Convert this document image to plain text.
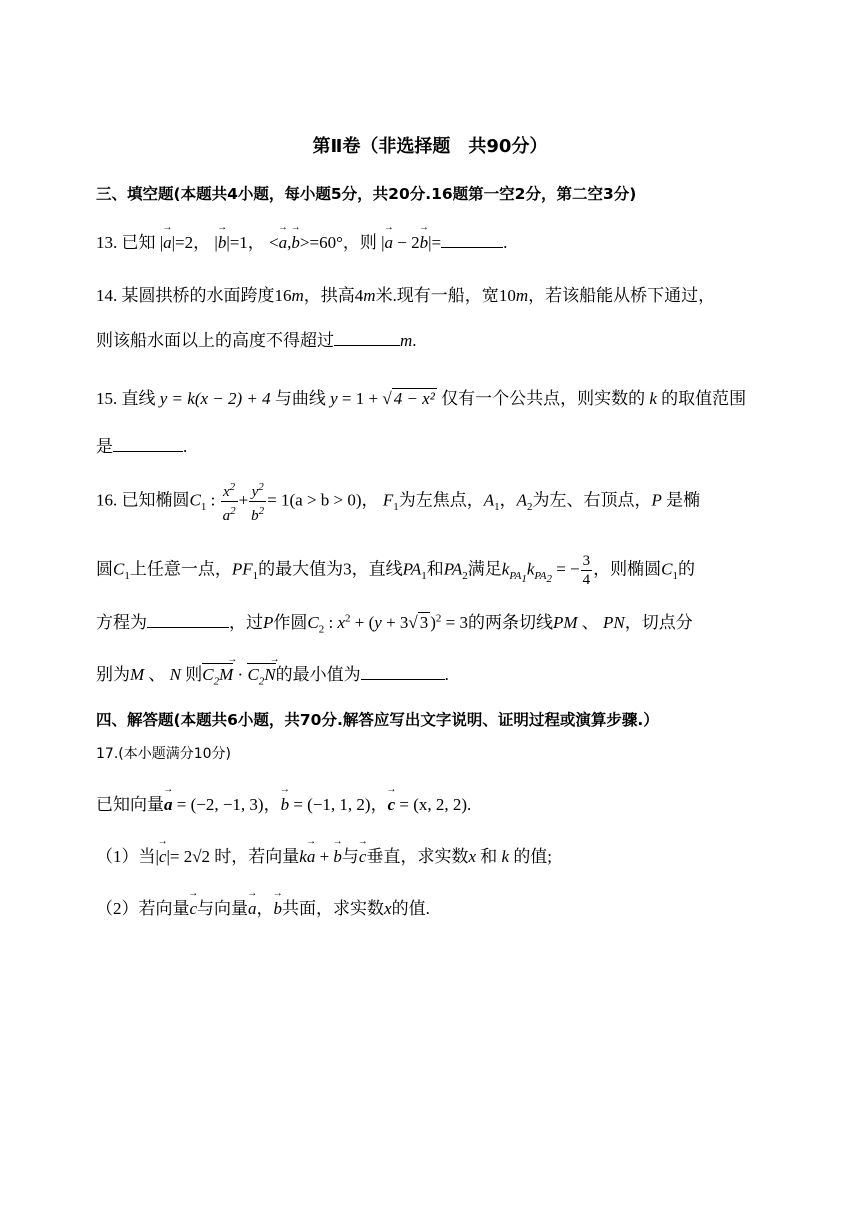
第Ⅱ卷（非选择题　共90分）
三、填空题(本题共4小题，每小题5分，共20分.16题第一空2分，第二空3分)
13. 已知 |→ a|=2， |→ b|=1， <→ a,→ b>=60°，则 |→ a − 2→ b|=	.
14. 某圆拱桥的水面跨度16m，拱高4m米.现有一船，宽10m，若该船能从桥下通过，
则该船水面以上的高度不得超过	m.
15. 直线 y = k(x − 2) + 4 与曲线 y = 1 + √ 4 − x² 仅有一个公共点，则实数的 k 的取值范围
是	.
16. 已知椭圆$C_1$ : $\frac{x^2}{a^2} + \frac{y^2}{b^2} = 1(a > b > 0)$， $F_1$为左焦点，$A_1$，$A_2$为左、右顶点，P 是椭
圆$C_1$上任意一点，$PF_1$的最大值为3，直线$PA_1$和$PA_2$满足$k_{PA_1}k_{PA_2}$ = − $\frac{3}{4}$ ，则椭圆$C_1$的
方程为	，过P作圆$C_2$ : $x^2 + (y + 3√$ 3 )$^2$ = 3的两条切线PM 、 PN，切点分
别为M 、 N 则$C_2M$ → · $C_2N$ →的最小值为	.
四、解答题(本题共6小题，共70分.解答应写出文字说明、证明过程或演算步骤.）
17.(本小题满分10分)
已知向量→ a = (−2, −1, 3)，→ b = (−1, 1, 2)，→ c = (x, 2, 2).
（1）当|→ c|= 2√2 时，若向量k→ a + → b与→ c垂直，求实数x 和 k 的值;
（2）若向量→ c与向量→ a，→ b共面，求实数x的值.
